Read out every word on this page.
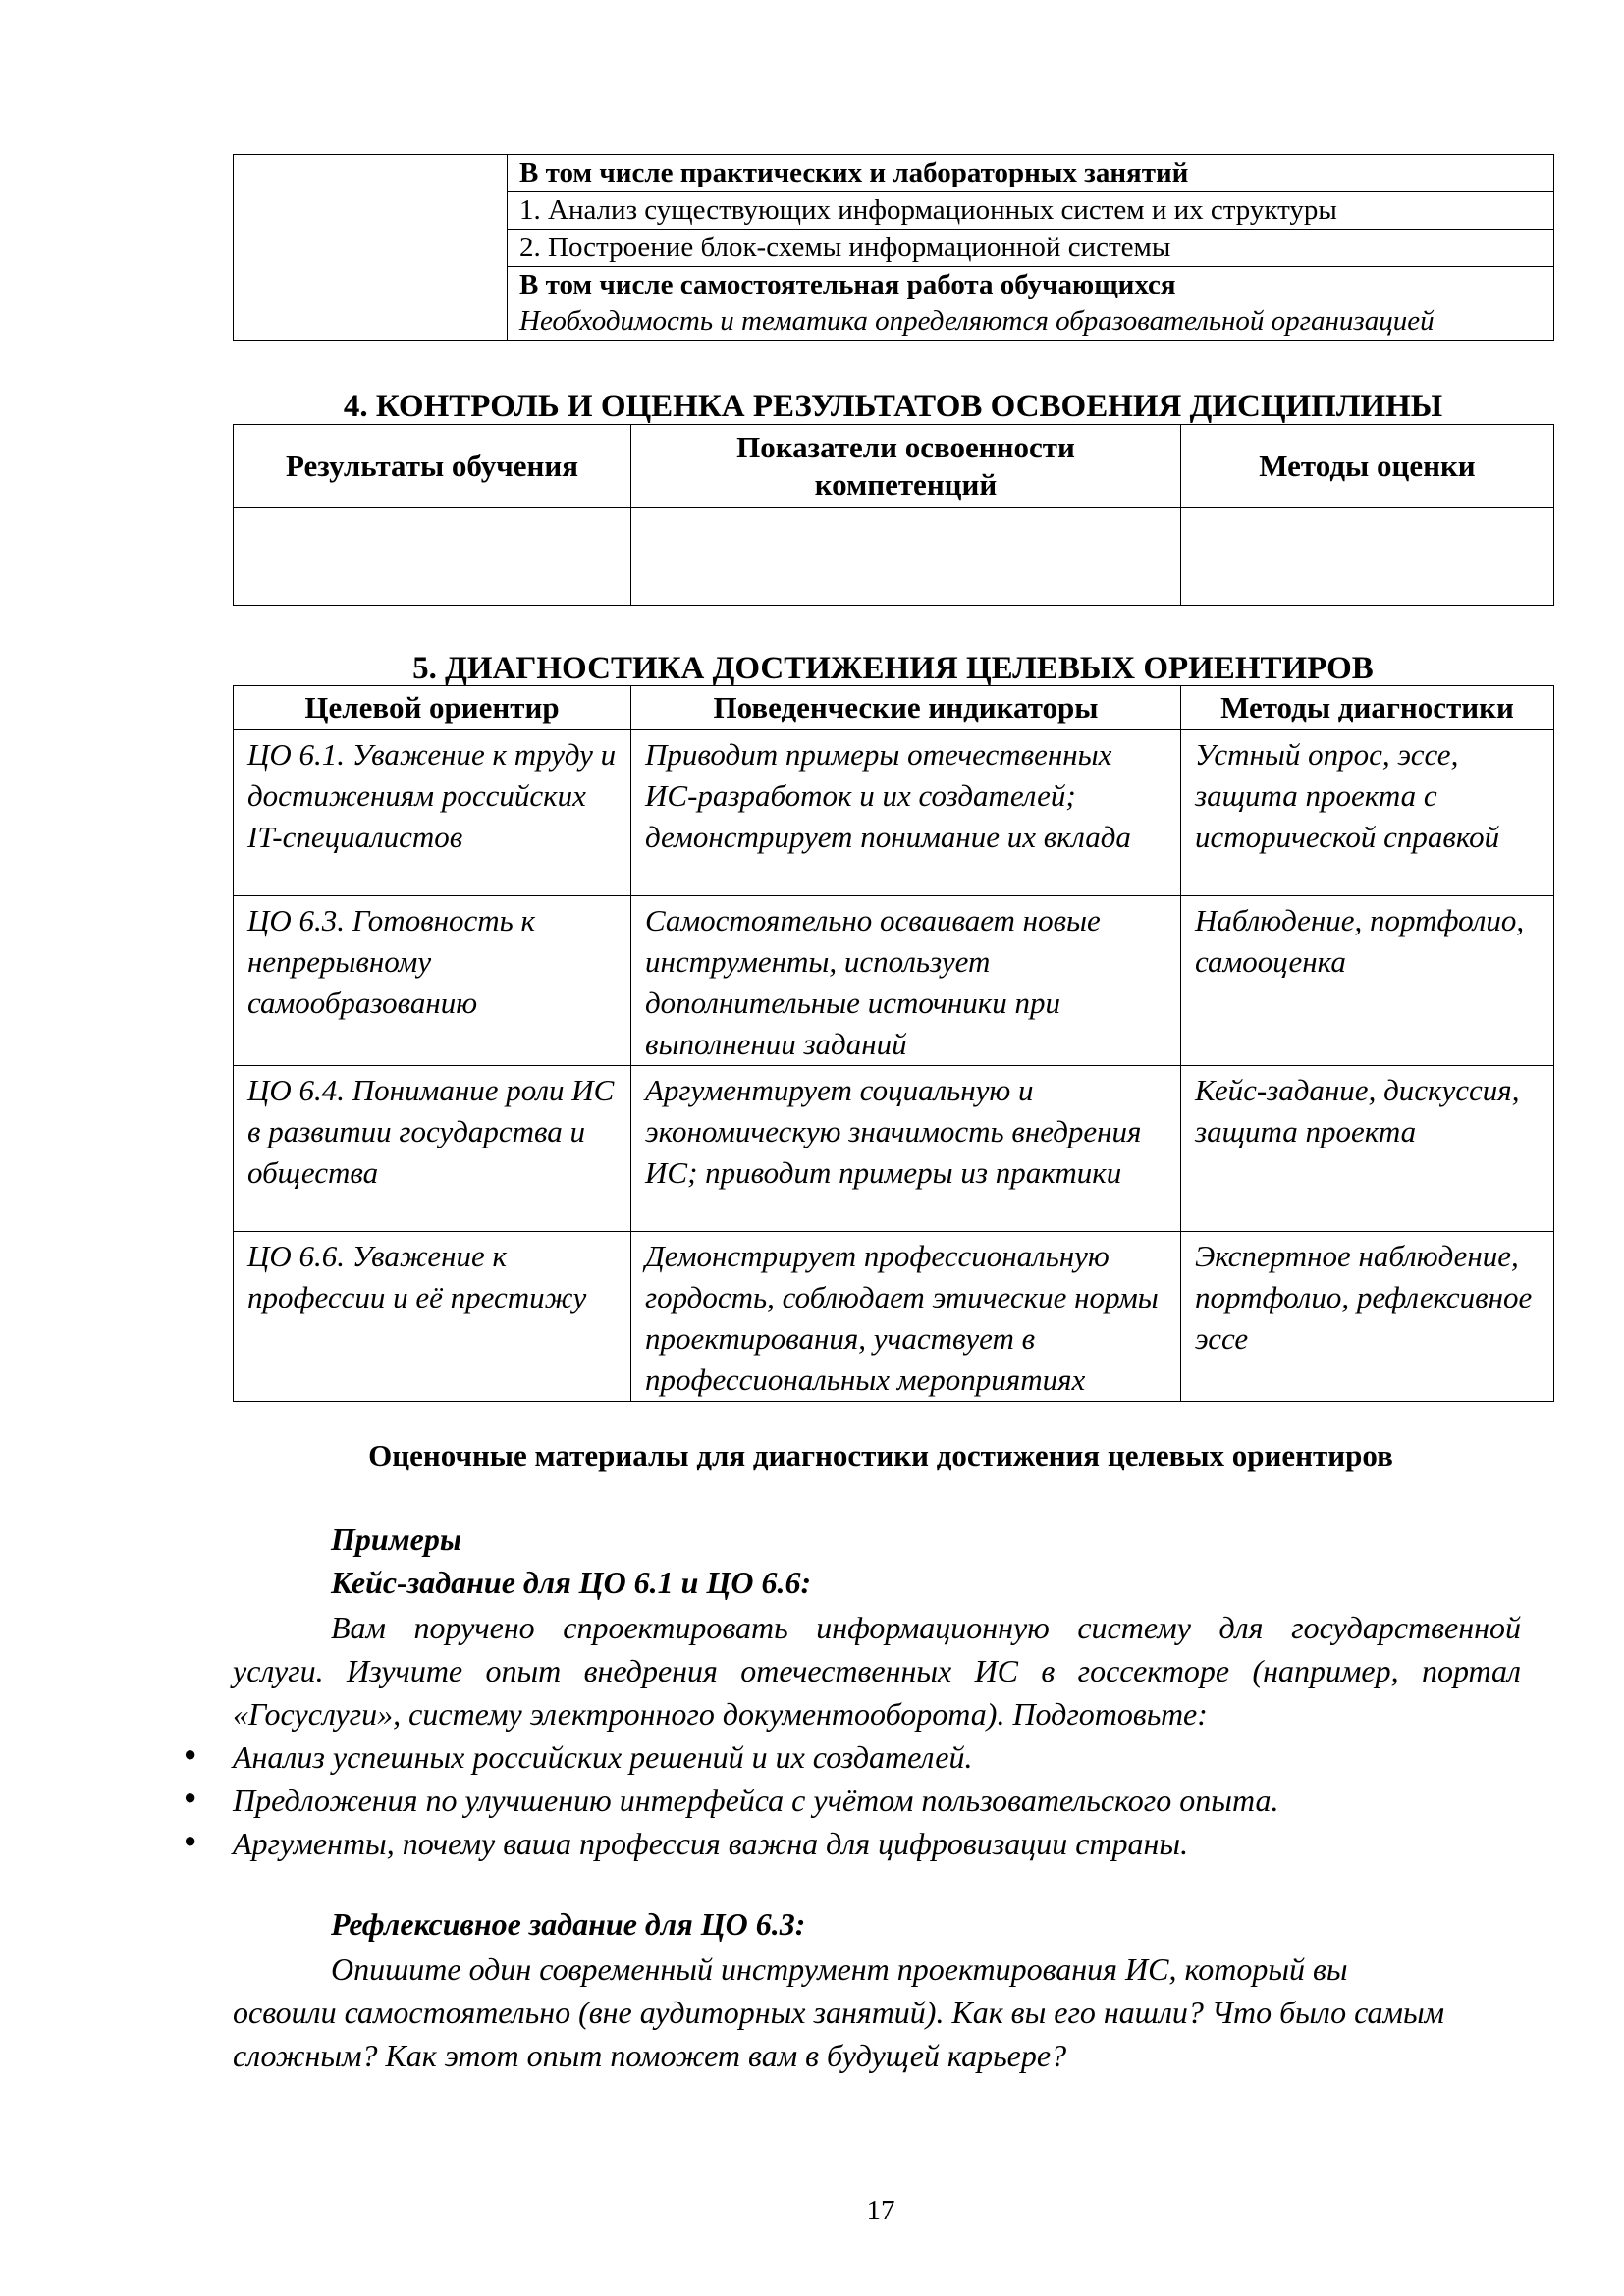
	В том числе практических и лабораторных занятий
1. Анализ существующих информационных систем и их структуры
2. Построение блок-схемы информационной системы
В том числе самостоятельная работа обучающихся
Необходимость и тематика определяются образовательной организацией
4. КОНТРОЛЬ И ОЦЕНКА РЕЗУЛЬТАТОВ ОСВОЕНИЯ ДИСЦИПЛИНЫ
Результаты обучения	Показатели освоенности компетенций	Методы оценки

5. ДИАГНОСТИКА ДОСТИЖЕНИЯ ЦЕЛЕВЫХ ОРИЕНТИРОВ
Целевой ориентир	Поведенческие индикаторы	Методы диагностики
ЦО 6.1. Уважение к труду и достижениям российских IT-специалистов	Приводит примеры отечественных ИС-разработок и их создателей; демонстрирует понимание их вклада	Устный опрос, эссе, защита проекта с исторической справкой
ЦО 6.3. Готовность к непрерывному самообразованию	Самостоятельно осваивает новые инструменты, использует дополнительные источники при выполнении заданий	Наблюдение, портфолио, самооценка
ЦО 6.4. Понимание роли ИС в развитии государства и общества	Аргументирует социальную и экономическую значимость внедрения ИС; приводит примеры из практики	Кейс-задание, дискуссия, защита проекта
ЦО 6.6. Уважение к профессии и её престижу	Демонстрирует профессиональную гордость, соблюдает этические нормы проектирования, участвует в профессиональных мероприятиях	Экспертное наблюдение, портфолио, рефлексивное эссе
Оценочные материалы для диагностики достижения целевых ориентиров
Примеры
Кейс-задание для ЦО 6.1 и ЦО 6.6:
Вам поручено спроектировать информационную систему для государственной
услуги. Изучите опыт внедрения отечественных ИС в госсекторе (например, портал
«Госуслуги», систему электронного документооборота). Подготовьте:
● Анализ успешных российских решений и их создателей.
● Предложения по улучшению интерфейса с учётом пользовательского опыта.
● Аргументы, почему ваша профессия важна для цифровизации страны.
Рефлексивное задание для ЦО 6.3:
Опишите один современный инструмент проектирования ИС, который вы
освоили самостоятельно (вне аудиторных занятий). Как вы его нашли? Что было самым
сложным? Как этот опыт поможет вам в будущей карьере?
17
